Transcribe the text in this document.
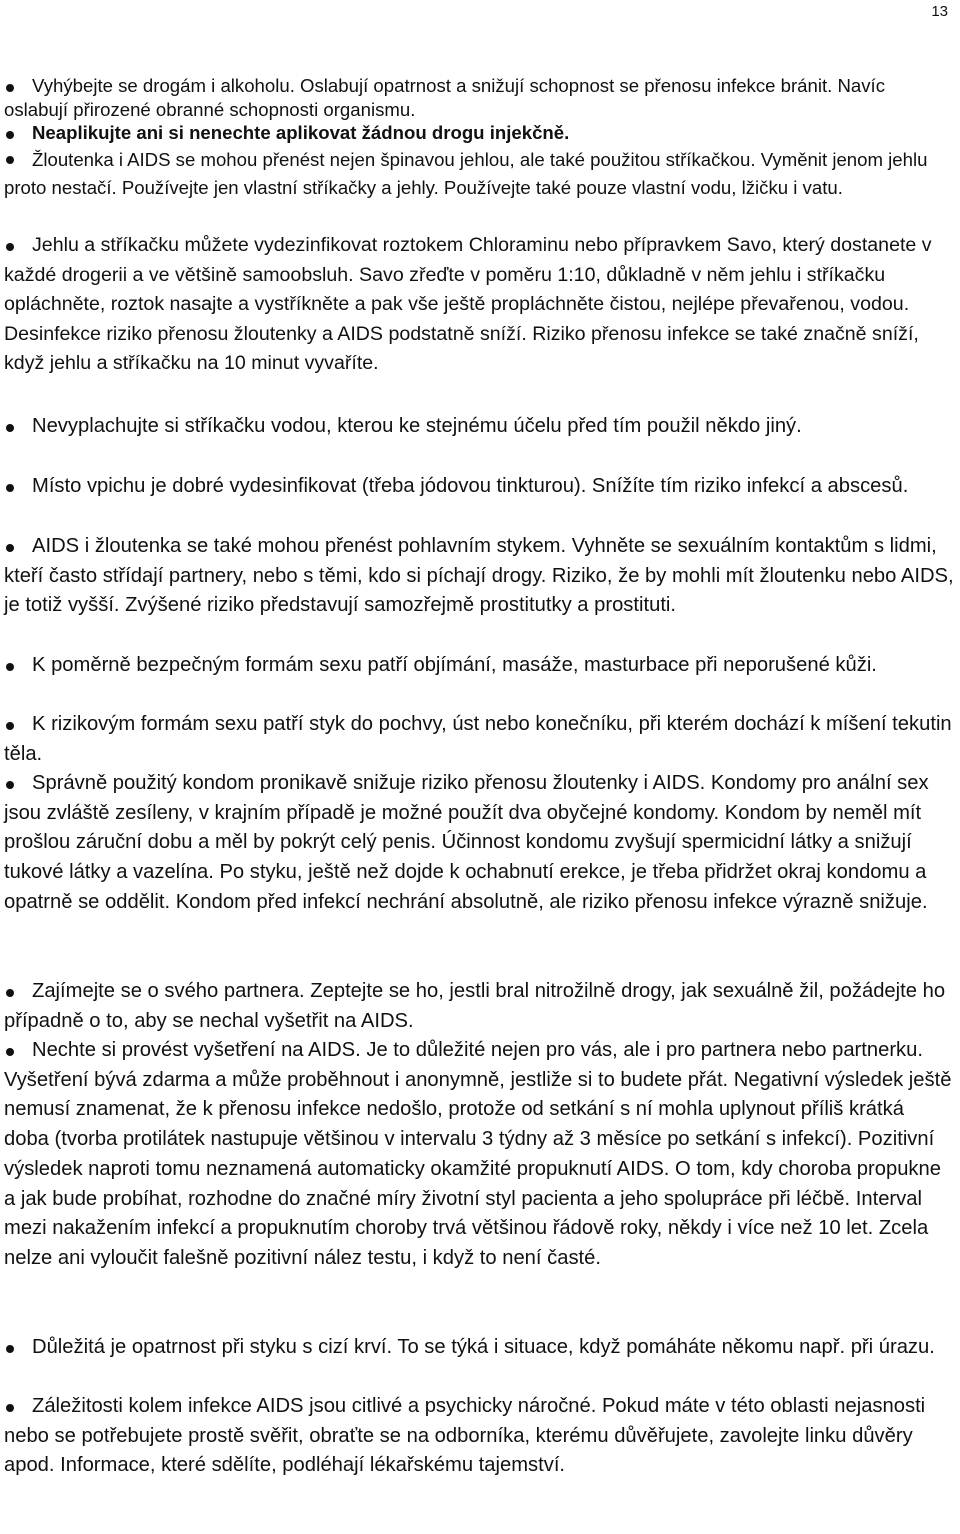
13
Vyhýbejte se drogám i alkoholu. Oslabují opatrnost a snižují schopnost se přenosu infekce bránit. Navíc oslabují přirozené obranné schopnosti organismu.
Neaplikujte ani si nenechte aplikovat žádnou drogu injekčně.
Žloutenka i AIDS se mohou přenést nejen špinavou jehlou, ale také použitou stříkačkou. Vyměnit jenom jehlu proto nestačí. Používejte jen vlastní stříkačky a jehly. Používejte také pouze vlastní vodu, lžičku i vatu.
Jehlu a stříkačku můžete vydezinfikovat roztokem Chloraminu nebo přípravkem Savo, který dostanete v každé drogerii a ve většině samoobsluh. Savo zřeďte v poměru 1:10, důkladně v něm jehlu i stříkačku opláchněte, roztok nasajte a vystříkněte a pak vše ještě propláchněte čistou, nejlépe převařenou, vodou. Desinfekce riziko přenosu žloutenky a AIDS podstatně sníží. Riziko přenosu infekce se také značně sníží, když jehlu a stříkačku na 10 minut vyvaříte.
Nevyplachujte si stříkačku vodou, kterou ke stejnému účelu před tím použil někdo jiný.
Místo vpichu je dobré vydesinfikovat (třeba jódovou tinkturou). Snížíte tím riziko infekcí a abscesů.
AIDS i žloutenka se také mohou přenést pohlavním stykem. Vyhněte se sexuálním kontaktům s lidmi, kteří často střídají partnery, nebo s těmi, kdo si píchají drogy. Riziko, že by mohli mít žloutenku nebo AIDS, je totiž vyšší. Zvýšené riziko představují samozřejmě prostitutky a prostituti.
K poměrně bezpečným formám sexu patří objímání, masáže, masturbace při neporušené kůži.
K rizikovým formám sexu patří styk do pochvy, úst nebo konečníku, při kterém dochází k míšení tekutin těla.
Správně použitý kondom pronikavě snižuje riziko přenosu žloutenky i AIDS. Kondomy pro anální sex jsou zvláště zesíleny, v krajním případě je možné použít dva obyčejné kondomy. Kondom by neměl mít prošlou záruční dobu a měl by pokrýt celý penis. Účinnost kondomu zvyšují spermicidní látky a snižují tukové látky a vazelína. Po styku, ještě než dojde k ochabnutí erekce, je třeba přidržet okraj kondomu a opatrně se oddělit. Kondom před infekcí nechrání absolutně, ale riziko přenosu infekce výrazně snižuje.
Zajímejte se o svého partnera. Zeptejte se ho, jestli bral nitrožilně drogy, jak sexuálně žil, požádejte ho případně o to, aby se nechal vyšetřit na AIDS.
Nechte si provést vyšetření na AIDS. Je to důležité nejen pro vás, ale i pro partnera nebo partnerku. Vyšetření bývá zdarma a může proběhnout i anonymně, jestliže si to budete přát. Negativní výsledek ještě nemusí znamenat, že k přenosu infekce nedošlo, protože od setkání s ní mohla uplynout příliš krátká doba (tvorba protilátek nastupuje většinou v intervalu 3 týdny až 3 měsíce po setkání s infekcí). Pozitivní výsledek naproti tomu neznamená automaticky okamžité propuknutí AIDS. O tom, kdy choroba propukne a jak bude probíhat, rozhodne do značné míry životní styl pacienta a jeho spolupráce při léčbě. Interval mezi nakažením infekcí a propuknutím choroby trvá většinou řádově roky, někdy i více než 10 let. Zcela nelze ani vyloučit falešně pozitivní nález testu, i když to není časté.
Důležitá je opatrnost při styku s cizí krví. To se týká i situace, když pomáháte někomu např. při úrazu.
Záležitosti kolem infekce AIDS jsou citlivé a psychicky náročné. Pokud máte v této oblasti nejasnosti nebo se potřebujete prostě svěřit, obraťte se na odborníka, kterému důvěřujete, zavolejte linku důvěry apod. Informace, které sdělíte, podléhají lékařskému tajemství.
